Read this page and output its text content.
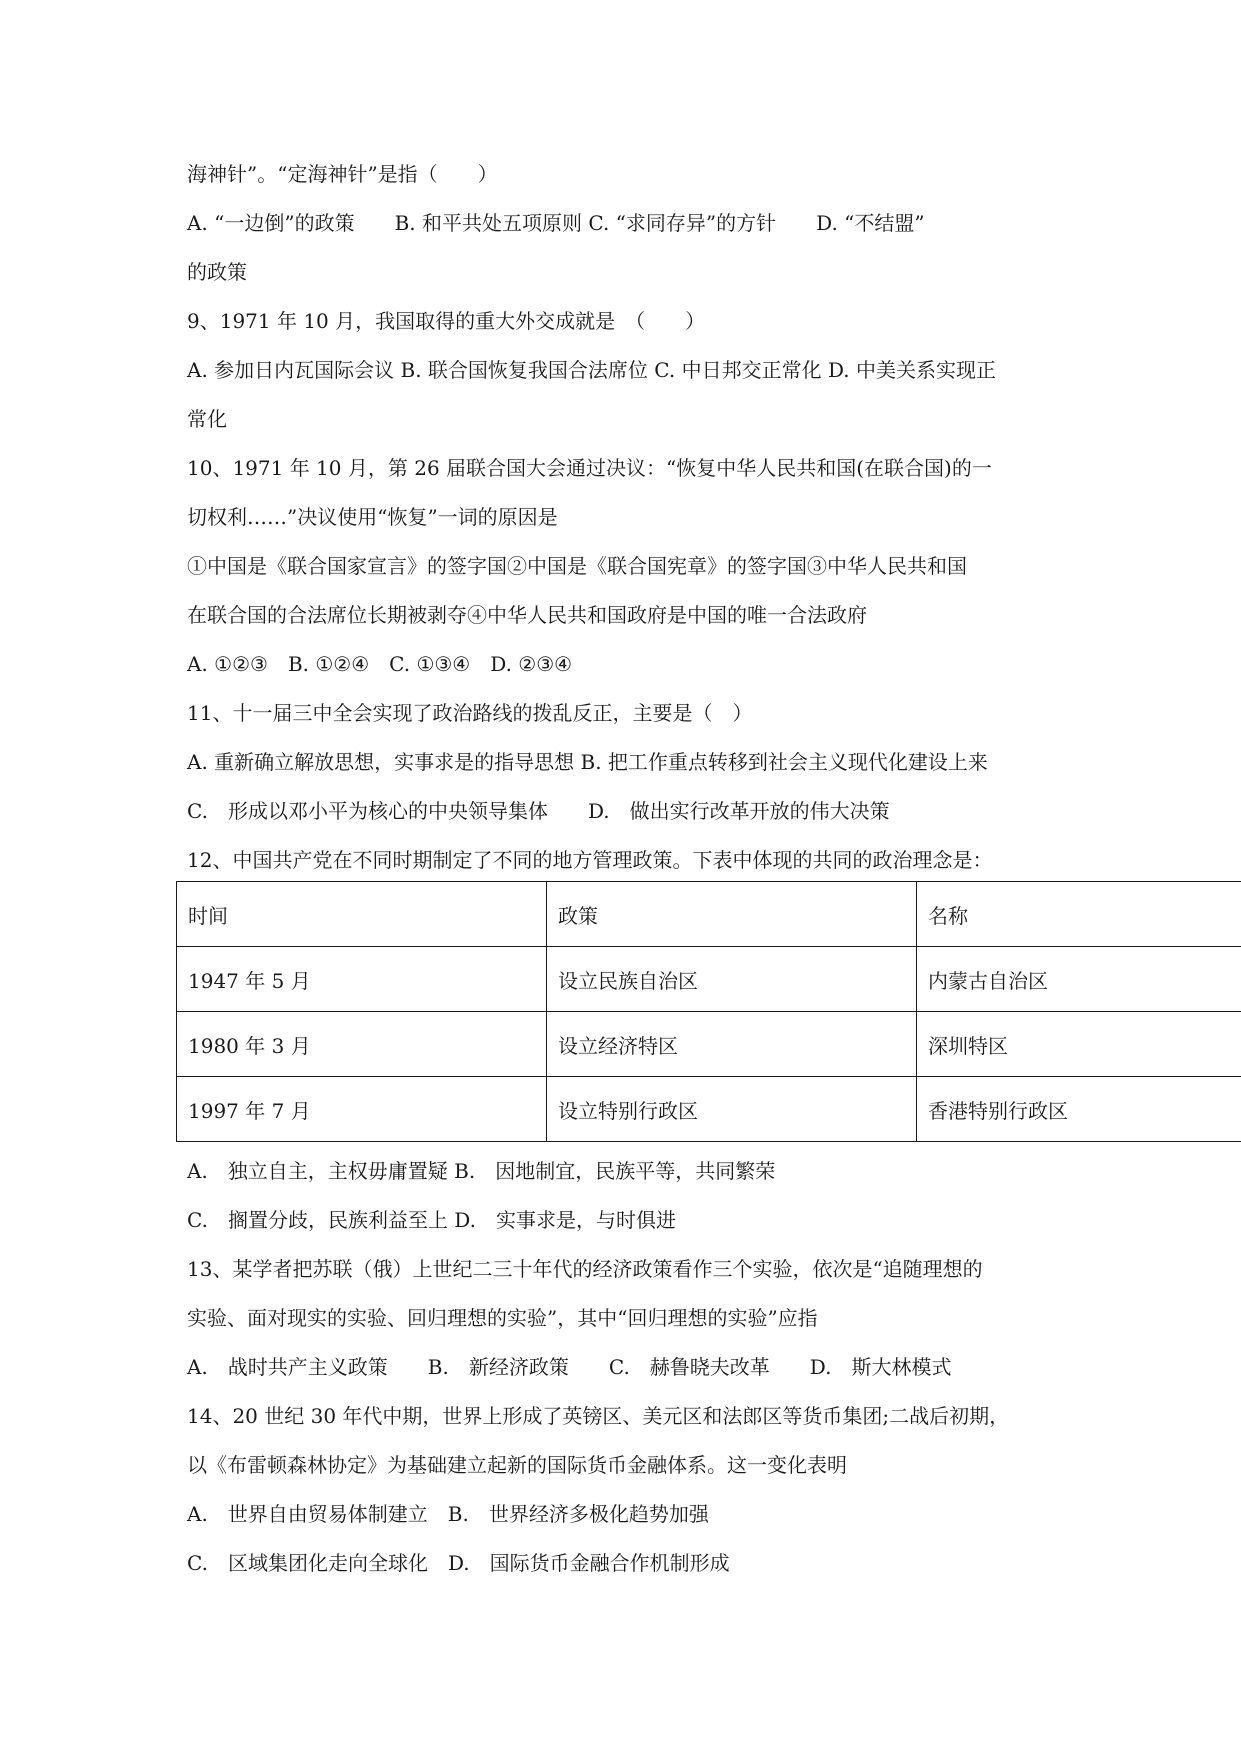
海神针”。“定海神针”是指（　　）
A. “一边倒”的政策　　B. 和平共处五项原则 C. “求同存异”的方针　　D. “不结盟”
的政策
9、1971 年 10 月，我国取得的重大外交成就是　（　　）
A. 参加日内瓦国际会议 B. 联合国恢复我国合法席位 C. 中日邦交正常化 D. 中美关系实现正
常化
10、1971 年 10 月，第 26 届联合国大会通过决议：“恢复中华人民共和国(在联合国)的一
切权利……”决议使用“恢复”一词的原因是
①中国是《联合国家宣言》的签字国②中国是《联合国宪章》的签字国③中华人民共和国
在联合国的合法席位长期被剥夺④中华人民共和国政府是中国的唯一合法政府
A. ①②③　B. ①②④　C. ①③④　D. ②③④
11、十一届三中全会实现了政治路线的拨乱反正，主要是（　）
A. 重新确立解放思想，实事求是的指导思想 B. 把工作重点转移到社会主义现代化建设上来
C.　形成以邓小平为核心的中央领导集体　　D.　做出实行改革开放的伟大决策
12、中国共产党在不同时期制定了不同的地方管理政策。下表中体现的共同的政治理念是：
时间	政策	名称
1947 年 5 月	设立民族自治区	内蒙古自治区
1980 年 3 月	设立经济特区	深圳特区
1997 年 7 月	设立特别行政区	香港特别行政区
A.　独立自主，主权毋庸置疑 B.　因地制宜，民族平等，共同繁荣
C.　搁置分歧，民族利益至上 D.　实事求是，与时俱进
13、某学者把苏联（俄）上世纪二三十年代的经济政策看作三个实验，依次是“追随理想的
实验、面对现实的实验、回归理想的实验”，其中“回归理想的实验”应指
A.　战时共产主义政策　　B.　新经济政策　　C.　赫鲁晓夫改革　　D.　斯大林模式
14、20 世纪 30 年代中期，世界上形成了英镑区、美元区和法郎区等货币集团;二战后初期，
以《布雷顿森林协定》为基础建立起新的国际货币金融体系。这一变化表明
A.　世界自由贸易体制建立　B.　世界经济多极化趋势加强
C.　区域集团化走向全球化　D.　国际货币金融合作机制形成
